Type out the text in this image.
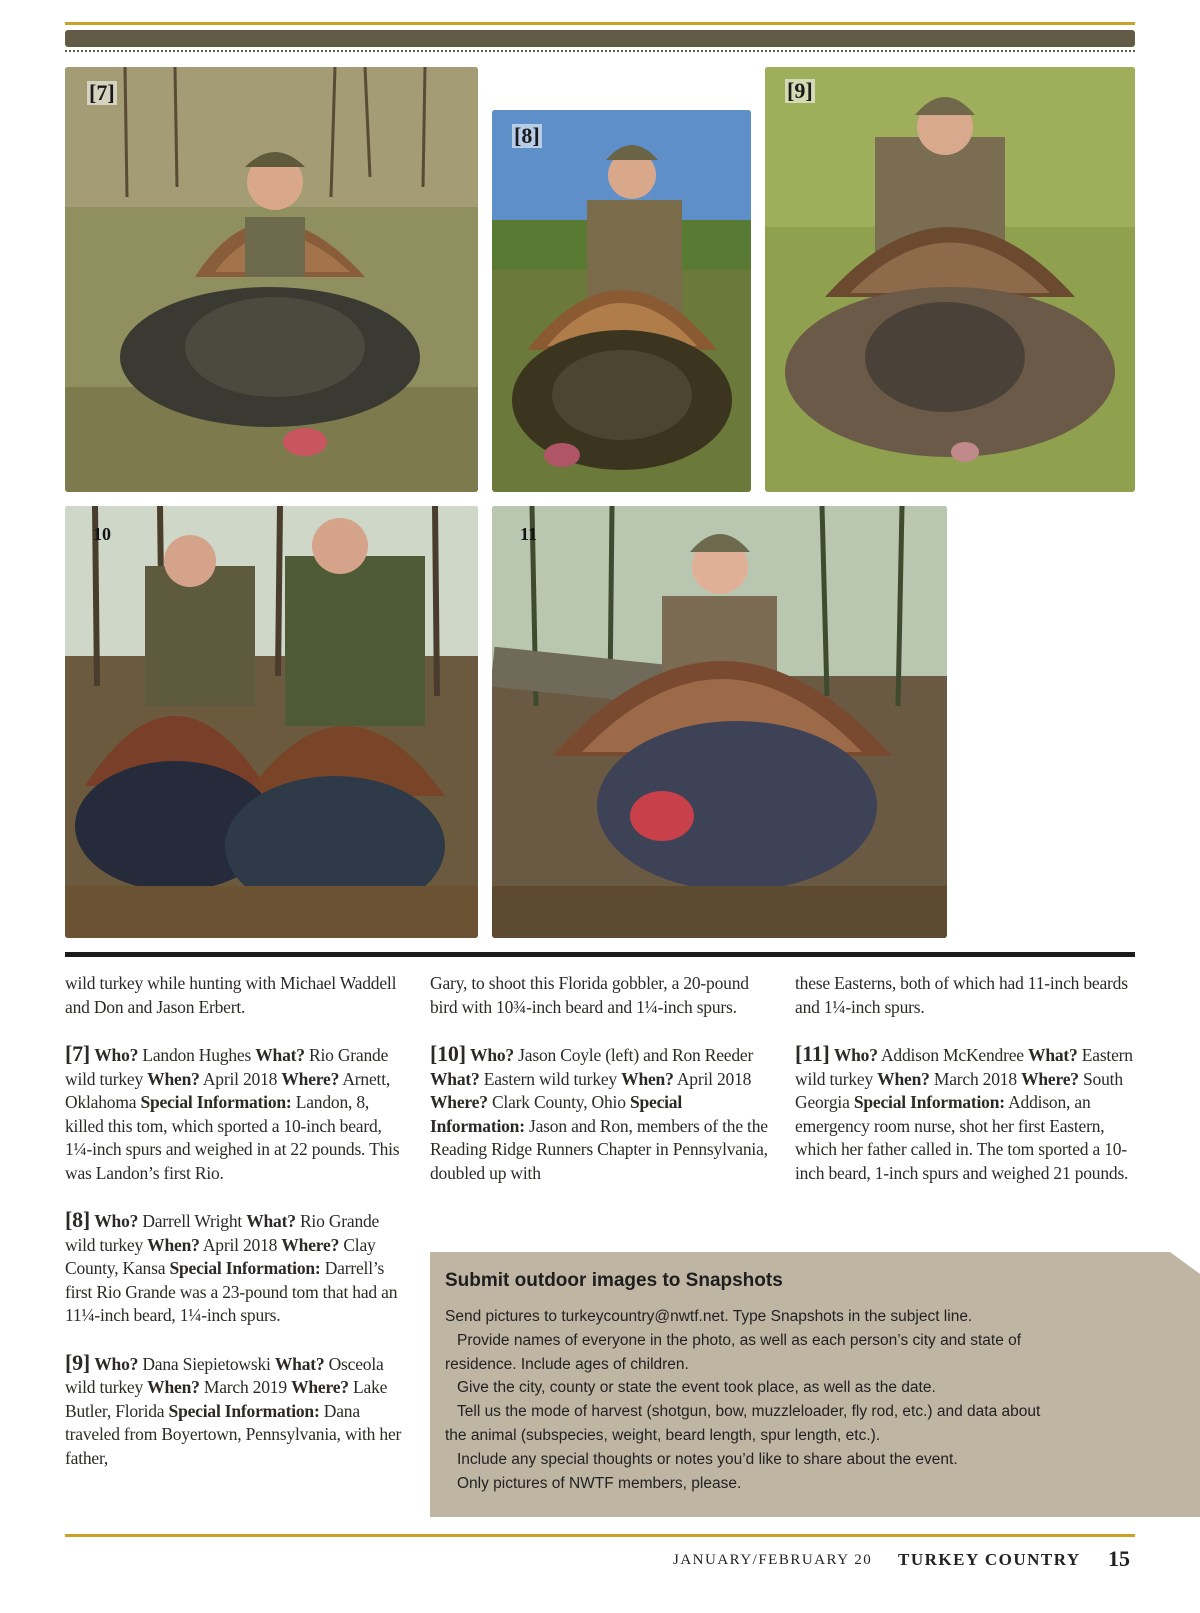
[7]
[8]
[9]
10	11

wild turkey while hunting with Michael Waddell and Don and Jason Erbert.

[7] Who? Landon Hughes What? Rio Grande wild turkey When? April 2018 Where? Arnett, Oklahoma Special Information: Landon, 8, killed this tom, which sported a 10-inch beard, 1¼-inch spurs and weighed in at 22 pounds. This was Landon’s first Rio.

[8] Who? Darrell Wright What? Rio Grande wild turkey When? April 2018 Where? Clay County, Kansa Special Information: Darrell’s first Rio Grande was a 23-pound tom that had an 11¼-inch beard, 1¼-inch spurs.

[9] Who? Dana Siepietowski What? Osceola wild turkey When? March 2019 Where? Lake Butler, Florida Special Information: Dana traveled from Boyertown, Pennsylvania, with her father,

Gary, to shoot this Florida gobbler, a 20-pound bird with 10¾-inch beard and 1¼-inch spurs.

[10] Who? Jason Coyle (left) and Ron Reeder What? Eastern wild turkey When? April 2018 Where? Clark County, Ohio Special Information: Jason and Ron, members of the the Reading Ridge Runners Chapter in Pennsylvania, doubled up with

these Easterns, both of which had 11-inch beards and 1¼-inch spurs.

[11] Who? Addison McKendree What? Eastern wild turkey When? March 2018 Where? South Georgia Special Information: Addison, an emergency room nurse, shot her first Eastern, which her father called in. The tom sported a 10-inch beard, 1-inch spurs and weighed 21 pounds.

Submit outdoor images to Snapshots
Send pictures to turkeycountry@nwtf.net. Type Snapshots in the subject line.
Provide names of everyone in the photo, as well as each person’s city and state of
residence. Include ages of children.
Give the city, county or state the event took place, as well as the date.
Tell us the mode of harvest (shotgun, bow, muzzleloader, fly rod, etc.) and data about
the animal (subspecies, weight, beard length, spur length, etc.).
Include any special thoughts or notes you’d like to share about the event.
Only pictures of NWTF members, please.
JANUARY/FEBRUARY 20 TURKEY COUNTRY 15
